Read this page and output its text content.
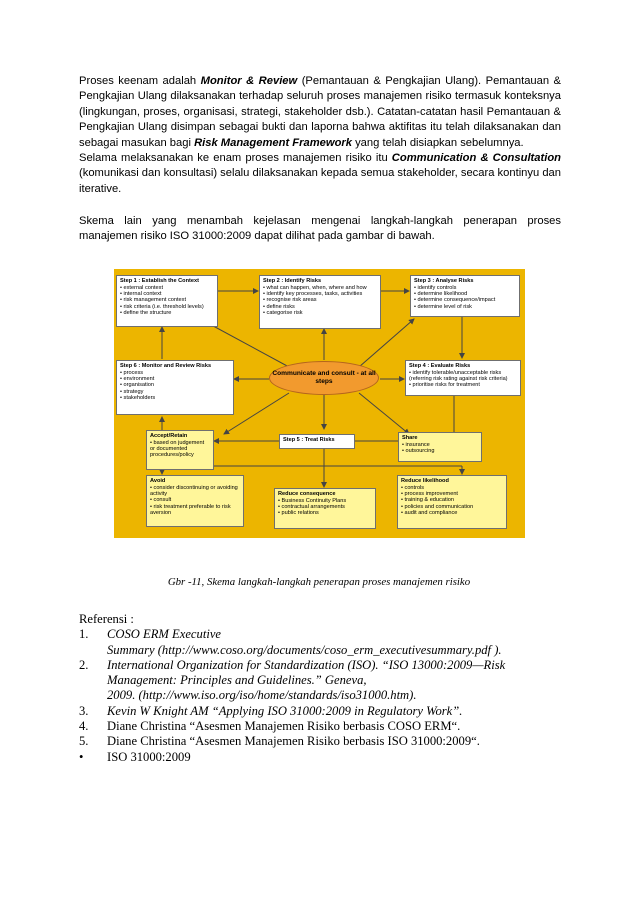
Proses keenam adalah Monitor & Review (Pemantauan & Pengkajian Ulang). Pemantauan & Pengkajian Ulang dilaksanakan terhadap seluruh proses manajemen risiko termasuk konteksnya (lingkungan, proses, organisasi, strategi, stakeholder dsb.). Catatan-catatan hasil Pemantauan & Pengkajian Ulang disimpan sebagai bukti dan laporna bahwa aktifitas itu telah dilaksanakan dan sebagai masukan bagi Risk Management Framework yang telah disiapkan sebelumnya.
Selama melaksanakan ke enam proses manajemen risiko itu Communication & Consultation (komunikasi dan konsultasi) selalu dilaksanakan kepada semua stakeholder, secara kontinyu dan iterative.
Skema lain yang menambah kejelasan mengenai langkah-langkah penerapan proses manajemen risiko ISO 31000:2009 dapat dilihat pada gambar di bawah.
Step 1 : Establish the Context
• external context
• internal context
• risk management context
• risk criteria (i.e. threshold levels)
• define the structure
Step 2 : Identify Risks
• what can happen, when, where and how
• identify key processes, tasks, activities
• recognise risk areas
• define risks
• categorise risk
Step 3 : Analyse Risks
• identify controls
• determine likelihood
• determine consequence/impact
• determine level of risk
Step 6 : Monitor and Review Risks
• process
• environment
• organisation
• strategy
• stakeholders
Communicate and consult - at all steps
Step 4 : Evaluate Risks
• identify tolerable/unacceptable risks (referring risk rating against risk criteria)
• prioritise risks for treatment
Step 5 : Treat Risks
Accept/Retain
• based on judgement or documented procedures/policy
Share
• insurance
• outsourcing
Avoid
• consider discontinuing or avoiding activity
• consult
• risk treatment preferable to risk aversion
Reduce consequence
• Business Continuity Plans
• contractual arrangements
• public relations
Reduce likelihood
• controls
• process improvement
• training & education
• policies and communication
• audit and compliance
Gbr -11, Skema langkah-langkah penerapan proses manajemen risiko
Referensi :
1. COSO ERM Executive
Summary (http://www.coso.org/documents/coso_erm_executivesummary.pdf ).
2. International Organization for Standardization (ISO). “ISO 13000:2009—Risk
Management: Principles and Guidelines.” Geneva,
2009. (http://www.iso.org/iso/home/standards/iso31000.htm).
3. Kevin W Knight AM “Applying ISO 31000:2009 in Regulatory Work”.
4. Diane Christina “Asesmen Manajemen Risiko berbasis COSO ERM“.
5. Diane Christina “Asesmen Manajemen Risiko berbasis ISO 31000:2009“.
• ISO 31000:2009
